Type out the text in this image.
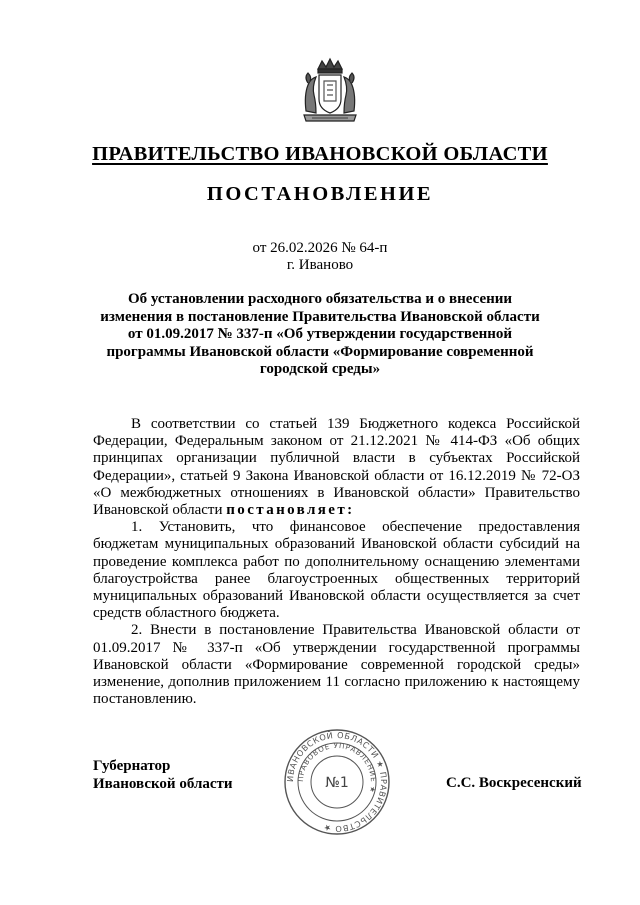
ПРАВИТЕЛЬСТВО ИВАНОВСКОЙ ОБЛАСТИ
ПОСТАНОВЛЕНИЕ
от 26.02.2026 № 64-п
г. Иваново
Об установлении расходного обязательства и о внесении
изменения в постановление Правительства Ивановской области
от 01.09.2017 № 337-п «Об утверждении государственной
программы Ивановской области «Формирование современной
городской среды»

В соответствии со статьей 139 Бюджетного кодекса Российской Федерации, Федеральным законом от 21.12.2021 № 414-ФЗ «Об общих принципах организации публичной власти в субъектах Российской Федерации», статьей 9 Закона Ивановской области от 16.12.2019 № 72-ОЗ «О межбюджетных отношениях в Ивановской области» Правительство Ивановской области постановляет:

1. Установить, что финансовое обеспечение предоставления бюджетам муниципальных образований Ивановской области субсидий на проведение комплекса работ по дополнительному оснащению элементами благоустройства ранее благоустроенных общественных территорий муниципальных образований Ивановской области осуществляется за счет средств областного бюджета.

2. Внести в постановление Правительства Ивановской области от 01.09.2017 № 337-п «Об утверждении государственной программы Ивановской области «Формирование современной городской среды» изменение, дополнив приложением 11 согласно приложению к настоящему постановлению.

Губернатор
Ивановской области	ИВАНОВСКОЙ ОБЛАСТИ ★ ПРАВИТЕЛЬСТВО ★
ПРАВОВОЕ УПРАВЛЕНИЕ ★
№1	С.С. Воскресенский
